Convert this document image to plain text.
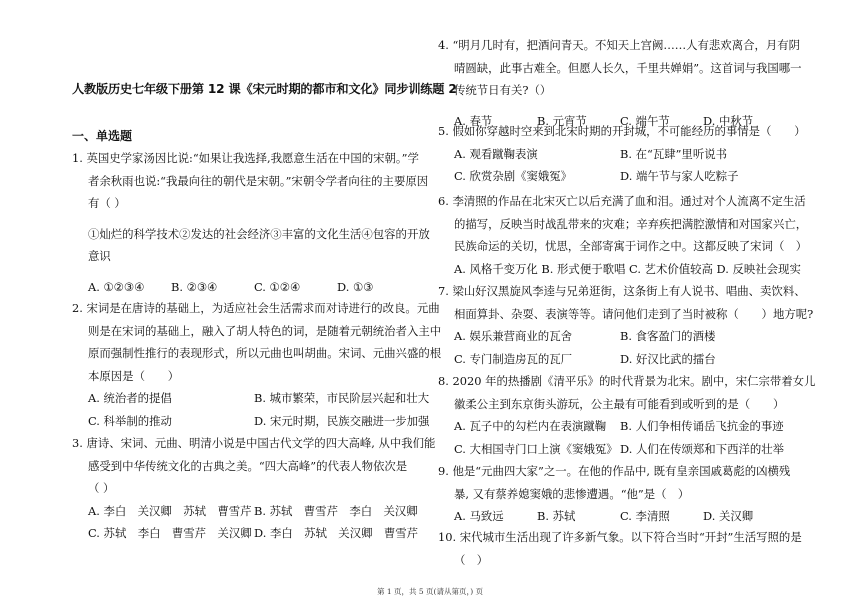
人教版历史七年级下册第 12 课《宋元时期的都市和文化》同步训练题 2
一、单选题
1. 英国史学家汤因比说:“如果让我选择,我愿意生活在中国的宋朝。”学
者余秋雨也说:“我最向往的朝代是宋朝。”宋朝令学者向往的主要原因
有（ ）
①灿烂的科学技术②发达的社会经济③丰富的文化生活④包容的开放
意识
A. ①②③④ B. ②③④	C. ①②④	D. ①③
2. 宋词是在唐诗的基础上，为适应社会生活需求而对诗进行的改良。元曲
则是在宋词的基础上，融入了胡人特色的词，是随着元朝统治者入主中
原而强制性推行的表现形式，所以元曲也叫胡曲。宋词、元曲兴盛的根
本原因是（　　）
A. 统治者的提倡	B. 城市繁荣，市民阶层兴起和壮大
C. 科举制的推动	D. 宋元时期，民族交融进一步加强
3. 唐诗、宋词、元曲、明清小说是中国古代文学的四大高峰, 从中我们能
感受到中华传统文化的古典之美。“四大高峰”的代表人物依次是
（ ）
A. 李白　关汉卿　苏轼　曹雪芹 B. 苏轼　曹雪芹　李白　关汉卿
C. 苏轼　李白　曹雪芹　关汉卿 D. 李白　苏轼　关汉卿　曹雪芹
4. “明月几时有，把酒问青天。不知天上宫阙……人有悲欢离合，月有阴
晴圆缺，此事古难全。但愿人长久，千里共婵娟”。这首词与我国哪一
传统节日有关?（）
A. 春节	B. 元宵节	C. 端午节	D. 中秋节
5. 假如你穿越时空来到北宋时期的开封城，不可能经历的事情是（　　）
A. 观看蹴鞠表演	B. 在“瓦肆”里听说书
C. 欣赏杂剧《窦娥冤》	D. 端午节与家人吃粽子
6. 李清照的作品在北宋灭亡以后充满了血和泪。通过对个人流离不定生活
的描写，反映当时战乱带来的灾难；辛弃疾把满腔激情和对国家兴亡，
民族命运的关切，忧思，全部寄寓于词作之中。这都反映了宋词（　）
A. 风格千变万化 B. 形式便于歌唱 C. 艺术价值较高 D. 反映社会现实
7. 梁山好汉黑旋风李逵与兄弟逛街，这条街上有人说书、唱曲、卖饮料、
相面算卦、杂耍、表演等等。请问他们走到了当时被称（　　）地方呢?
A. 娱乐兼营商业的瓦舍	B. 食客盈门的酒楼
C. 专门制造房瓦的瓦厂	D. 好汉比武的擂台
8. 2020 年的热播剧《清平乐》的时代背景为北宋。剧中，宋仁宗带着女儿
徽柔公主到东京街头游玩，公主最有可能看到或听到的是（　　）
A. 瓦子中的勾栏内在表演蹴鞠 B. 人们争相传诵岳飞抗金的事迹
C. 大相国寺门口上演《窦娥冤》 D. 人们在传颂郑和下西洋的壮举
9. 他是“元曲四大家”之一。在他的作品中, 既有皇亲国戚葛彪的凶横残
暴, 又有蔡养媳窦娥的悲惨遭遇。“他”是（　）
A. 马致远	B. 苏轼	C. 李清照	D. 关汉卿
10. 宋代城市生活出现了许多新气象。以下符合当时“开封”生活写照的是
（　）
第 1 页，共 5 页(请从第页，) 页
